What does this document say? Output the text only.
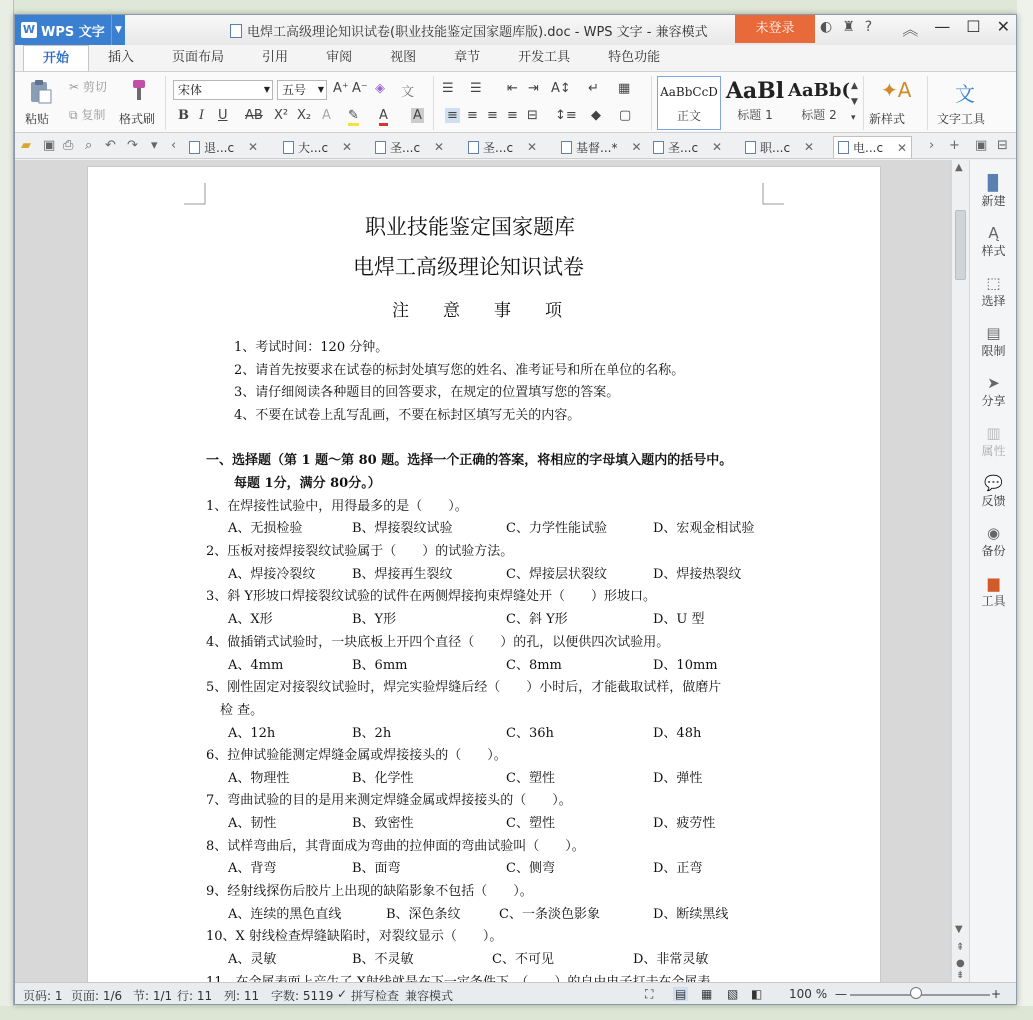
W WPS 文字	▼	电焊工高级理论知识试卷(职业技能鉴定国家题库版).doc - WPS 文字 - 兼容模式	未登录	◐ ♜ ? ︽ — ☐ ✕
开始	插入	页面布局	引用	审阅	视图	章节	开发工具	特色功能
粘贴
✂ 剪切
⧉ 复制 格式刷
宋体	▼	五号 ▼ A⁺ A⁻ ◈ 文
B I U AB X² X₂ A ✎ A A
☰ ☰ ⇤ ⇥ A↕ ↵ ▦
≡ ≡ ≡ ≡ ⊟ ↕≡ ◆ ▢
AaBbCcD
正文
AaBl
标题 1
AaBb(
标题 2
▲
▼
▾
✦A
新样式
文
文字工具
▰ ▣ ⎙ ⌕ ↶ ↷ ▾ ‹ 退...c ✕	大...c ✕	圣...c ✕	圣...c ✕	基督...* ✕ 圣...c ✕	职...c ✕	电...c ✕ › + ▣ ⊟
职业技能鉴定国家题库
电焊工高级理论知识试卷
注　　意　　事　　项
1、考试时间：120 分钟。
2、请首先按要求在试卷的标封处填写您的姓名、准考证号和所在单位的名称。
3、请仔细阅读各种题目的回答要求，在规定的位置填写您的答案。
4、不要在试卷上乱写乱画，不要在标封区填写无关的内容。
一、选择题（第 1 题～第 80 题。选择一个正确的答案，将相应的字母填入题内的括号中。
每题 1分，满分 80分。）
1、在焊接性试验中，用得最多的是（　　）。
A、无损检验	B、焊接裂纹试验	C、力学性能试验	D、宏观金相试验
2、压板对接焊接裂纹试验属于（　　）的试验方法。
A、焊接冷裂纹	B、焊接再生裂纹	C、焊接层状裂纹	D、焊接热裂纹
3、斜 Y形坡口焊接裂纹试验的试件在两侧焊接拘束焊缝处开（　　）形坡口。
A、X形	B、Y形	C、斜 Y形	D、U 型
4、做插销式试验时，一块底板上开四个直径（　　）的孔，以便供四次试验用。
A、4mm	B、6mm	C、8mm	D、10mm
5、刚性固定对接裂纹试验时，焊完实验焊缝后经（　　）小时后，才能截取试样，做磨片
检 查。
A、12h	B、2h	C、36h	D、48h
6、拉伸试验能测定焊缝金属或焊接接头的（　　）。
A、物理性	B、化学性	C、塑性	D、弹性
7、弯曲试验的目的是用来测定焊缝金属或焊接接头的（　　）。
A、韧性	B、致密性	C、塑性	D、疲劳性
8、试样弯曲后，其背面成为弯曲的拉伸面的弯曲试验叫（　　）。
A、背弯	B、面弯	C、侧弯	D、正弯
9、经射线探伤后胶片上出现的缺陷影象不包括（　　）。
A、连续的黑色直线	B、深色条纹	C、一条淡色影象	D、断续黑线
10、X 射线检查焊缝缺陷时，对裂纹显示（　　）。
A、灵敏	B、不灵敏	C、不可见	D、非常灵敏
▲
▼
⇞
●
⇟
▉
新建
Ą
样式
⬚
选择
▤
限制
➤
分享
▥
属性
💬
反馈
◉
备份
▆
工具
页码: 1 页面: 1/6 节: 1/1 行: 11 列: 11 字数: 5119 ✓ 拼写检查 兼容模式	⛶ ▤ ▦ ▧ ◧ 100 % —	+
